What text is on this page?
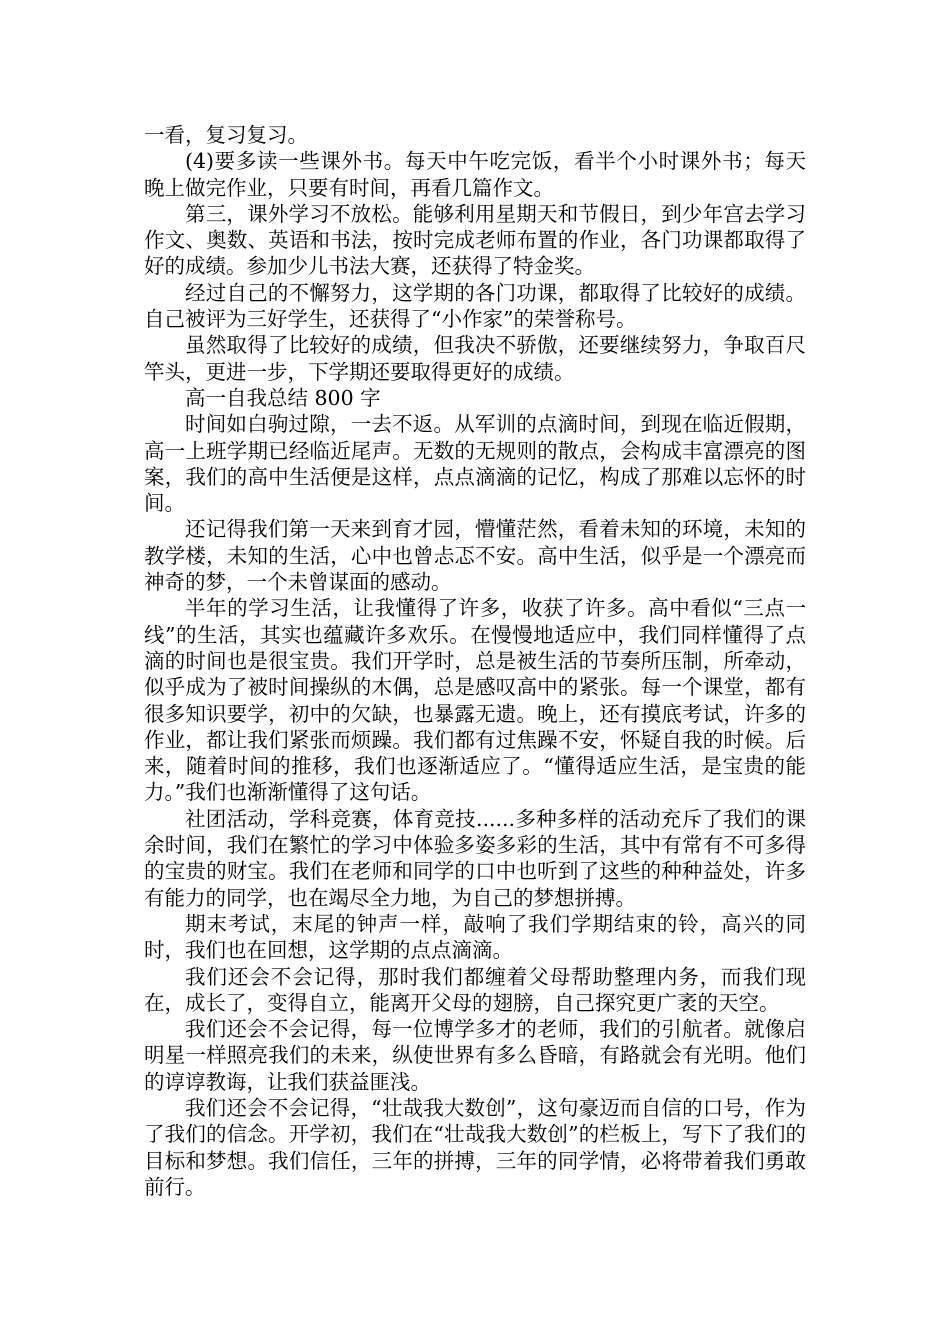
一看，复习复习。

(4)要多读一些课外书。每天中午吃完饭，看半个小时课外书；每天晚上做完作业，只要有时间，再看几篇作文。

第三，课外学习不放松。能够利用星期天和节假日，到少年宫去学习作文、奥数、英语和书法，按时完成老师布置的作业，各门功课都取得了好的成绩。参加少儿书法大赛，还获得了特金奖。

经过自己的不懈努力，这学期的各门功课，都取得了比较好的成绩。自己被评为三好学生，还获得了“小作家”的荣誉称号。

虽然取得了比较好的成绩，但我决不骄傲，还要继续努力，争取百尺竿头，更进一步，下学期还要取得更好的成绩。

高一自我总结 800 字

时间如白驹过隙，一去不返。从军训的点滴时间，到现在临近假期，高一上班学期已经临近尾声。无数的无规则的散点，会构成丰富漂亮的图案，我们的高中生活便是这样，点点滴滴的记忆，构成了那难以忘怀的时间。

还记得我们第一天来到育才园，懵懂茫然，看着未知的环境，未知的教学楼，未知的生活，心中也曾忐忑不安。高中生活，似乎是一个漂亮而神奇的梦，一个未曾谋面的感动。

半年的学习生活，让我懂得了许多，收获了许多。高中看似“三点一线”的生活，其实也蕴藏许多欢乐。在慢慢地适应中，我们同样懂得了点滴的时间也是很宝贵。我们开学时，总是被生活的节奏所压制，所牵动，似乎成为了被时间操纵的木偶，总是感叹高中的紧张。每一个课堂，都有很多知识要学，初中的欠缺，也暴露无遗。晚上，还有摸底考试，许多的作业，都让我们紧张而烦躁。我们都有过焦躁不安，怀疑自我的时候。后来，随着时间的推移，我们也逐渐适应了。“懂得适应生活，是宝贵的能力。”我们也渐渐懂得了这句话。

社团活动，学科竞赛，体育竞技......多种多样的活动充斥了我们的课余时间，我们在繁忙的学习中体验多姿多彩的生活，其中有常有不可多得的宝贵的财宝。我们在老师和同学的口中也听到了这些的种种益处，许多有能力的同学，也在竭尽全力地，为自己的梦想拼搏。

期末考试，末尾的钟声一样，敲响了我们学期结束的铃，高兴的同时，我们也在回想，这学期的点点滴滴。

我们还会不会记得，那时我们都缠着父母帮助整理内务，而我们现在，成长了，变得自立，能离开父母的翅膀，自己探究更广袤的天空。

我们还会不会记得，每一位博学多才的老师，我们的引航者。就像启明星一样照亮我们的未来，纵使世界有多么昏暗，有路就会有光明。他们的谆谆教诲，让我们获益匪浅。

我们还会不会记得，“壮哉我大数创”，这句豪迈而自信的口号，作为了我们的信念。开学初，我们在“壮哉我大数创”的栏板上，写下了我们的目标和梦想。我们信任，三年的拼搏，三年的同学情，必将带着我们勇敢前行。
